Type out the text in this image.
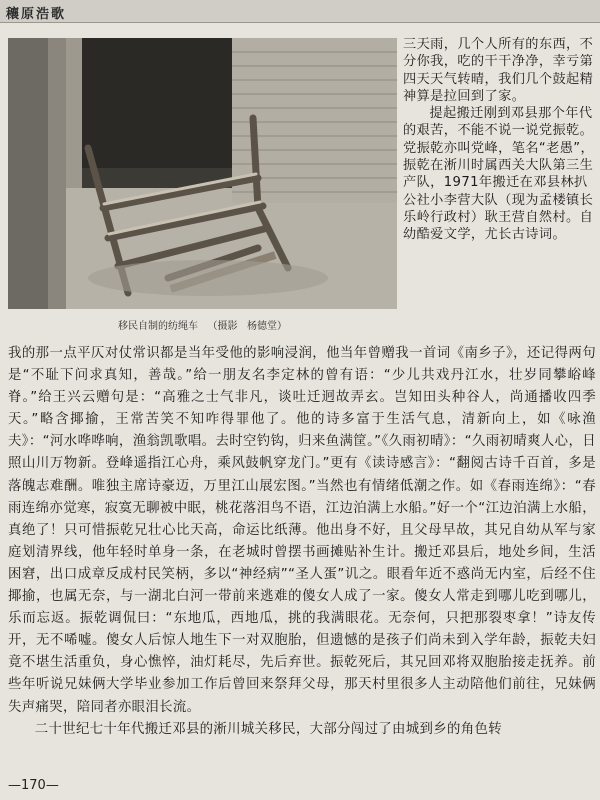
穰原浩歌
移民自制的纺绳车   （摄影   杨德堂）

三天雨，几个人所有的东西，不分你我，吃的干干净净，幸亏第四天天气转晴，我们几个鼓起精神算是拉回到了家。

提起搬迁刚到邓县那个年代的艰苦，不能不说一说党振乾。党振乾亦叫党峰，笔名“老愚”，振乾在淅川时属西关大队第三生产队，1971年搬迁在邓县林扒公社小李营大队（现为孟楼镇长乐岭行政村）耿王营自然村。自幼酷爱文学，尤长古诗词。

我的那一点平仄对仗常识都是当年受他的影响浸润，他当年曾赠我一首词《南乡子》，还记得两句是“不耻下问求真知，善哉。”给一朋友名李定林的曾有语：“少儿共戏丹江水，壮岁同攀峪峰脊。”给王兴云赠句是：“高雅之士气非凡，谈吐迁迥故弄玄。岂知田头种谷人，尚通播收四季天。”略含揶揄，王常苦笑不知咋得罪他了。他的诗多富于生活气息，清新向上，如《咏渔夫》：“河水哗哗响，渔翁凯歌唱。去时空钓钩，归来鱼满筐。”《久雨初晴》：“久雨初晴爽人心，日照山川万物新。登峰遥指江心舟，乘风鼓帆穿龙门。”更有《读诗感言》：“翻阅古诗千百首，多是落魄志难酬。唯独主席诗豪迈，万里江山展宏图。”当然也有情绪低潮之作。如《春雨连绵》：“春雨连绵亦觉寒，寂寞无聊被中眠，桃花落泪鸟不语，江边泊满上水船。”好一个“江边泊满上水船，真绝了！只可惜振乾兄壮心比天高，命运比纸薄。他出身不好，且父母早故，其兄自幼从军与家庭划清界线，他年轻时单身一条，在老城时曾摆书画摊贴补生计。搬迁邓县后，地处乡间，生活困窘，出口成章反成村民笑柄，多以“神经病”“圣人蛋”讥之。眼看年近不惑尚无内室，后经不住揶揄，也属无奈，与一湖北白河一带前来逃难的傻女人成了一家。傻女人常走到哪儿吃到哪儿，乐而忘返。振乾调侃曰：“东地瓜，西地瓜，挑的我满眼花。无奈何，只把那裂枣拿！”诗友传开，无不唏嘘。傻女人后惊人地生下一对双胞胎，但遗憾的是孩子们尚未到入学年龄，振乾夫妇竟不堪生活重负，身心憔悴，油灯耗尽，先后弃世。振乾死后，其兄回邓将双胞胎接走抚养。前些年听说兄妹俩大学毕业参加工作后曾回来祭拜父母，那天村里很多人主动陪他们前往，兄妹俩失声痛哭，陪同者亦眼泪长流。

二十世纪七十年代搬迁邓县的淅川城关移民，大部分闯过了由城到乡的角色转

—170—
